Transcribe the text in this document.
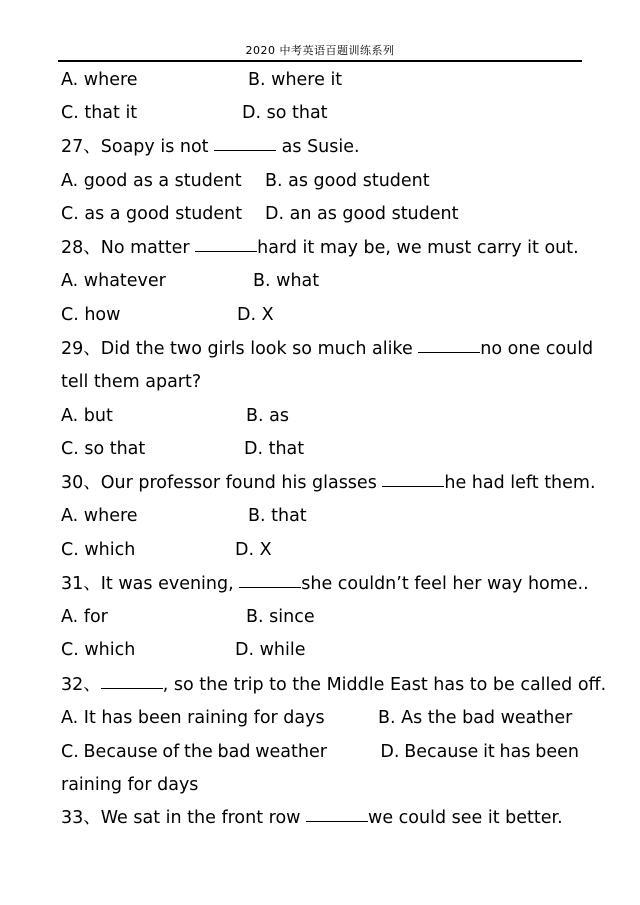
2020 中考英语百题训练系列
A. where	B. where it
C. that it	D. so that
27、Soapy is not	as Susie.
A. good as a student B. as good student
C. as a good student D. an as good student
28、No matter	hard it may be, we must carry it out.
A. whatever	B. what
C. how	D. X
29、Did the two girls look so much alike	no one could
tell them apart?
A. but	B. as
C. so that	D. that
30、Our professor found his glasses	he had left them.
A. where	B. that
C. which	D. X
31、It was evening,	she couldn’t feel her way home..
A. for	B. since
C. which	D. while
32、	, so the trip to the Middle East has to be called off.
A. It has been raining for days	B. As the bad weather
C. Because of the bad weather	D. Because it has been
raining for days
33、We sat in the front row	we could see it better.
